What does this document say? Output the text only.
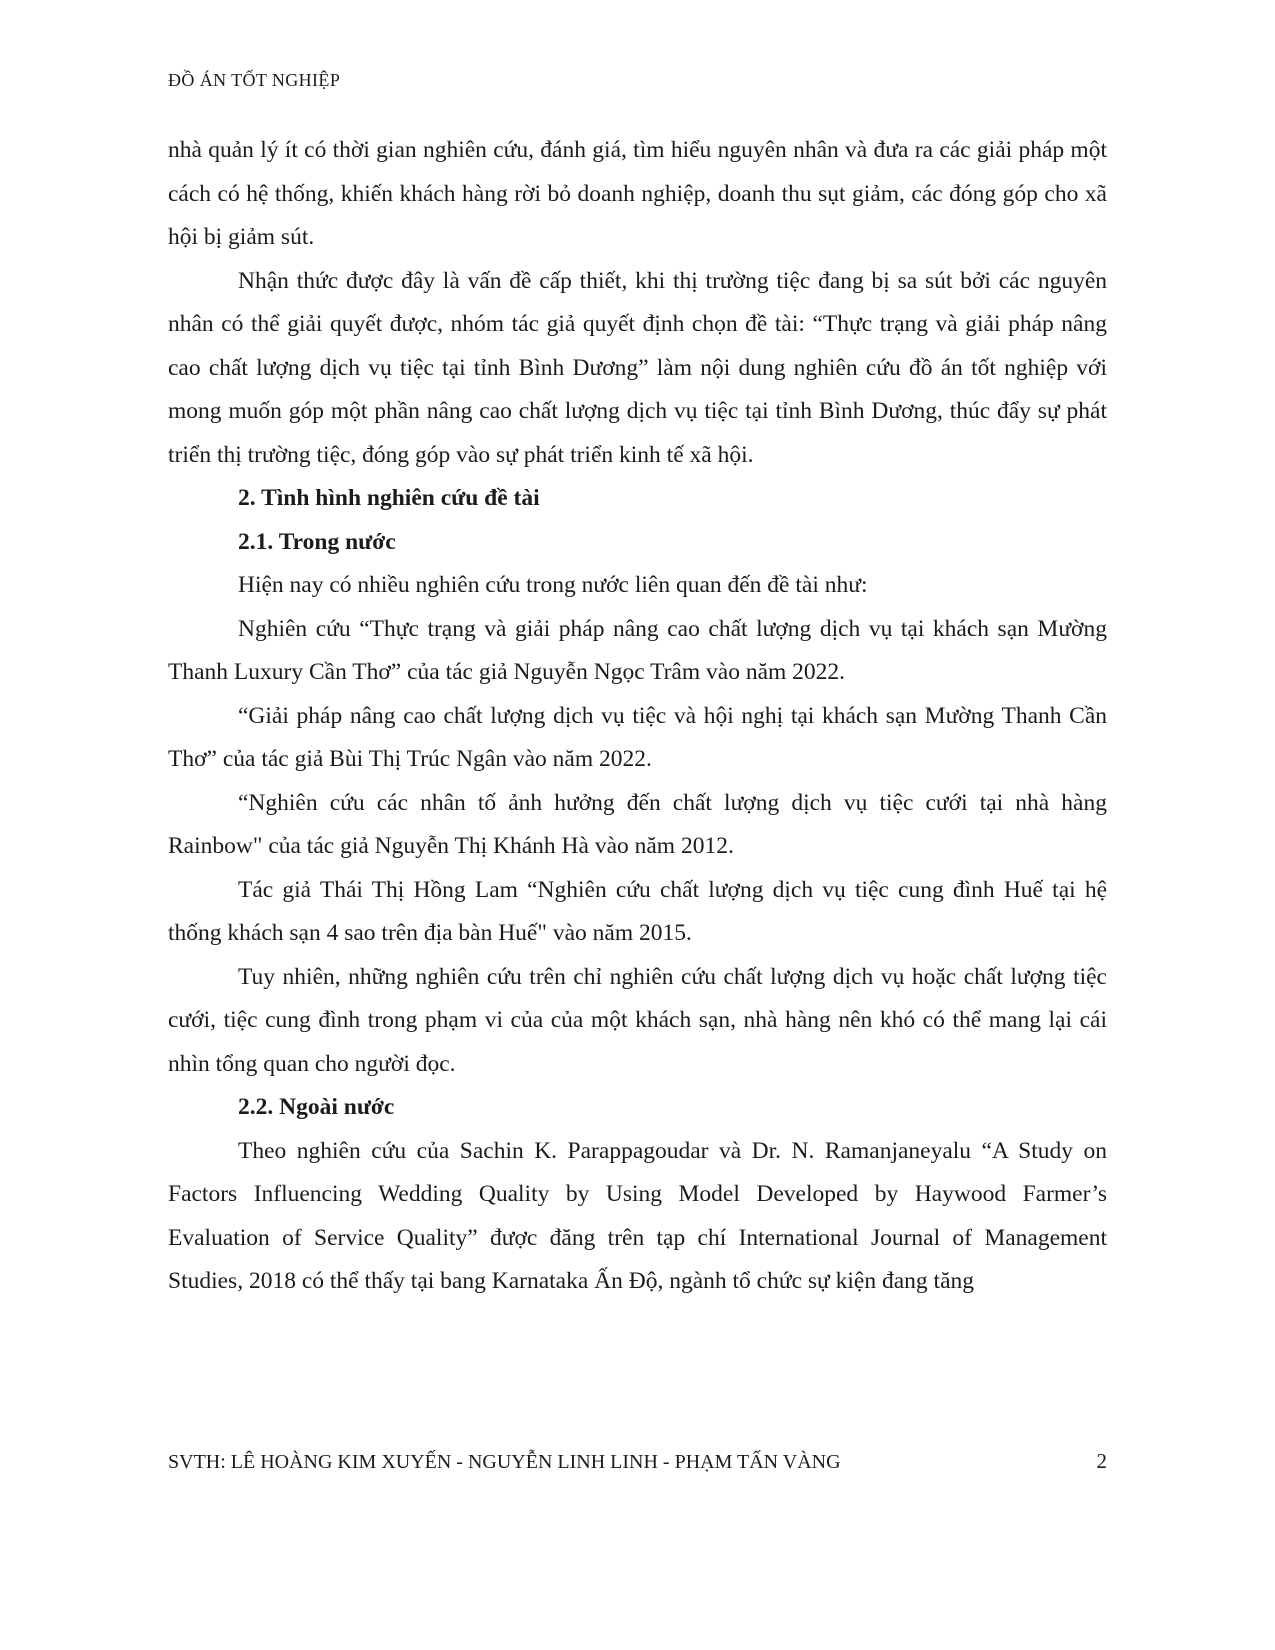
ĐỒ ÁN TỐT NGHIỆP

nhà quản lý ít có thời gian nghiên cứu, đánh giá, tìm hiểu nguyên nhân và đưa ra các giải pháp một cách có hệ thống, khiến khách hàng rời bỏ doanh nghiệp, doanh thu sụt giảm, các đóng góp cho xã hội bị giảm sút.

Nhận thức được đây là vấn đề cấp thiết, khi thị trường tiệc đang bị sa sút bởi các nguyên nhân có thể giải quyết được, nhóm tác giả quyết định chọn đề tài: “Thực trạng và giải pháp nâng cao chất lượng dịch vụ tiệc tại tỉnh Bình Dương” làm nội dung nghiên cứu đồ án tốt nghiệp với mong muốn góp một phần nâng cao chất lượng dịch vụ tiệc tại tỉnh Bình Dương, thúc đẩy sự phát triển thị trường tiệc, đóng góp vào sự phát triển kinh tế xã hội.

2. Tình hình nghiên cứu đề tài

2.1. Trong nước

Hiện nay có nhiều nghiên cứu trong nước liên quan đến đề tài như:

Nghiên cứu “Thực trạng và giải pháp nâng cao chất lượng dịch vụ tại khách sạn Mường Thanh Luxury Cần Thơ” của tác giả Nguyễn Ngọc Trâm vào năm 2022.

“Giải pháp nâng cao chất lượng dịch vụ tiệc và hội nghị tại khách sạn Mường Thanh Cần Thơ” của tác giả Bùi Thị Trúc Ngân vào năm 2022.

“Nghiên cứu các nhân tố ảnh hưởng đến chất lượng dịch vụ tiệc cưới tại nhà hàng Rainbow" của tác giả Nguyễn Thị Khánh Hà vào năm 2012.

Tác giả Thái Thị Hồng Lam “Nghiên cứu chất lượng dịch vụ tiệc cung đình Huế tại hệ thống khách sạn 4 sao trên địa bàn Huế" vào năm 2015.

Tuy nhiên, những nghiên cứu trên chỉ nghiên cứu chất lượng dịch vụ hoặc chất lượng tiệc cưới, tiệc cung đình trong phạm vi của của một khách sạn, nhà hàng nên khó có thể mang lại cái nhìn tổng quan cho người đọc.

2.2. Ngoài nước

Theo nghiên cứu của Sachin K. Parappagoudar và Dr. N. Ramanjaneyalu “A Study on Factors Influencing Wedding Quality by Using Model Developed by Haywood Farmer’s Evaluation of Service Quality” được đăng trên tạp chí International Journal of Management Studies, 2018 có thể thấy tại bang Karnataka Ấn Độ, ngành tổ chức sự kiện đang tăng

SVTH: LÊ HOÀNG KIM XUYẾN - NGUYỄN LINH LINH - PHẠM TẤN VÀNG	2
